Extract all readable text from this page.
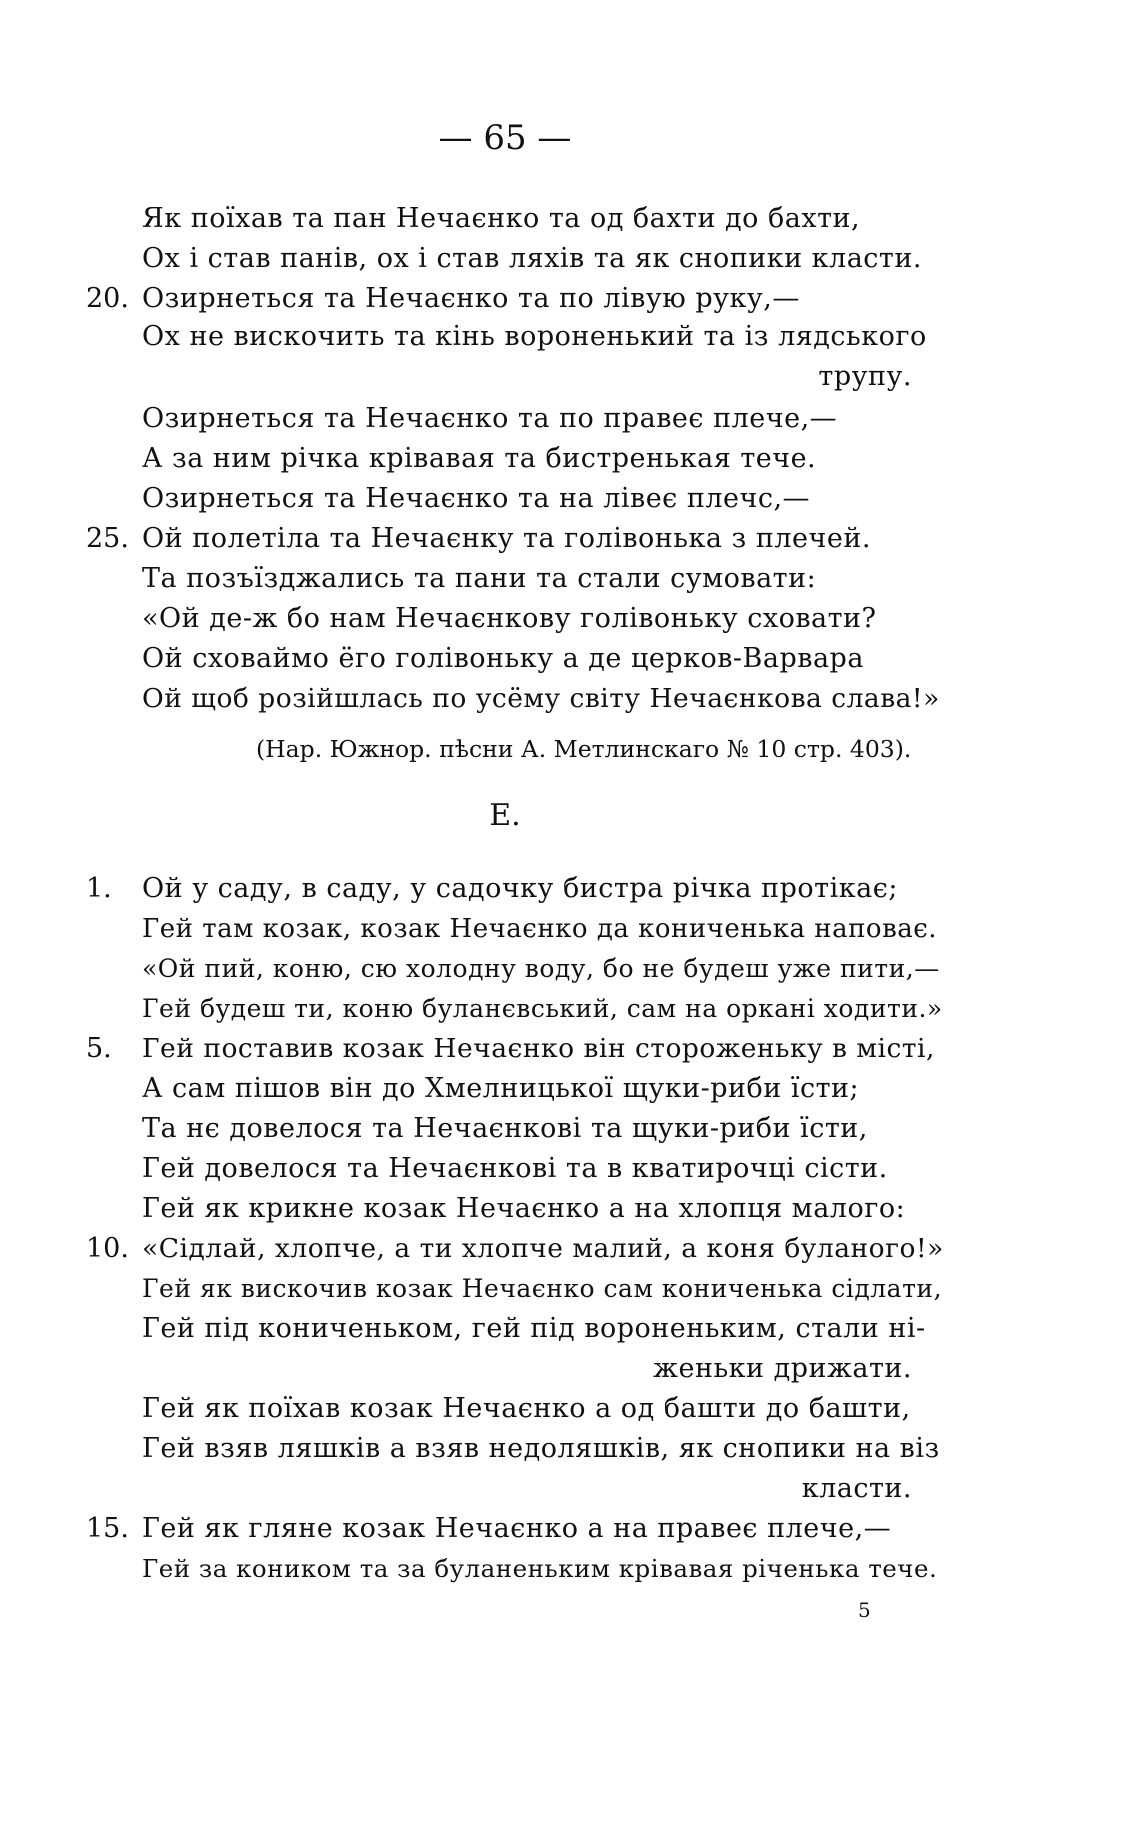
— 65 —
Як поїхав та пан Нечаєнко та од бахти до бахти,
Ох і став панів, ох і став ляхів та як снопики класти.
20. Озирнеться та Нечаєнко та по лівую руку,—
Ох не вискочить та кінь вороненький та із лядського
трупу.
Озирнеться та Нечаєнко та по правеє плече,—
А за ним річка крівавая та бистренькая тече.
Озирнеться та Нечаєнко та на лівеє плечс,—
25. Ой полетіла та Нечаєнку та голівонька з плечей.
Та позъїзджались та пани та стали сумовати:
«Ой де-ж бо нам Нечаєнкову голівоньку сховати?
Ой сховаймо ёго голівоньку а де церков-Варвара
Ой щоб розійшлась по усёму світу Нечаєнкова слава!»
(Нар. Южнор. пѣсни А. Метлинскаго № 10 стр. 403).
Е.
1. Ой у саду, в саду, у садочку бистра річка протікає;
Гей там козак, козак Нечаєнко да коничeнька наповає.
«Ой пий, коню, сю холодну воду, бо не будеш уже пити,—
Гей будеш ти, коню буланєвський, сам на оркані ходити.»
5. Гей поставив козак Нечаєнко він стороженьку в місті,
А сам пішов він до Хмелницької щуки-риби їсти;
Та нє довелося та Нечаєнкові та щуки-риби їсти,
Гей довелося та Нечаєнкові та в кватирочці сісти.
Гей як крикне козак Нечаєнко а на хлопця малого:
10. «Сідлай, хлопче, а ти хлопче малий, а коня буланого!»
Гей як вискочив козак Нечаєнко сам кониченька сідлати,
Гей під кониченьком, гей під вороненьким, стали ні-
женьки дрижати.
Гей як поїхав козак Нечаєнко а од башти до башти,
Гей взяв ляшків а взяв недоляшків, як снопики на віз
класти.
15. Гей як гляне козак Нечаєнко а на правеє плече,—
Гей за коником та за буланеньким крівавая річенька тече.
5
